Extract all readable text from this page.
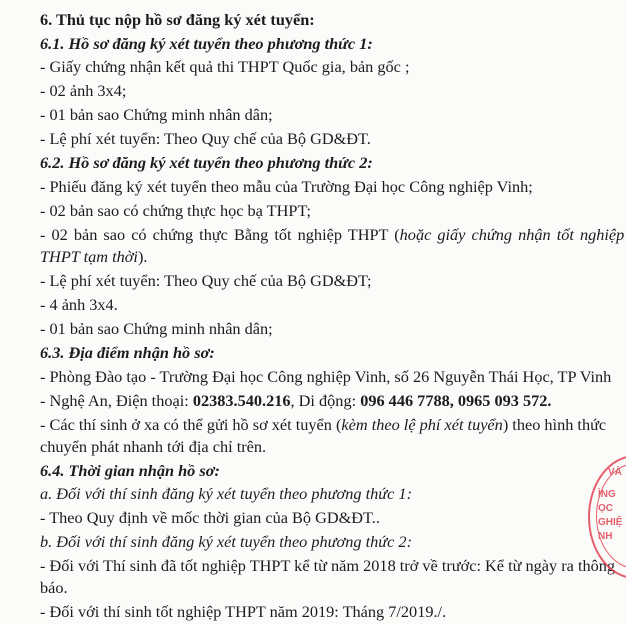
6. Thủ tục nộp hồ sơ đăng ký xét tuyển:
6.1. Hồ sơ đăng ký xét tuyển theo phương thức 1:
- Giấy chứng nhận kết quả thi THPT Quốc gia, bản gốc ;
- 02 ảnh 3x4;
- 01 bản sao Chứng minh nhân dân;
- Lệ phí xét tuyển: Theo Quy chế của Bộ GD&ĐT.
6.2. Hồ sơ đăng ký xét tuyển theo phương thức 2:
- Phiếu đăng ký xét tuyển theo mẫu của Trường Đại học Công nghiệp Vinh;
- 02 bản sao có chứng thực học bạ THPT;
- 02 bản sao có chứng thực Bằng tốt nghiệp THPT (hoặc giấy chứng nhận tốt nghiệp
THPT tạm thời).
- Lệ phí xét tuyển: Theo Quy chế của Bộ GD&ĐT;
- 4 ảnh 3x4.
- 01 bản sao Chứng minh nhân dân;
6.3. Địa điểm nhận hồ sơ:
- Phòng Đào tạo - Trường Đại học Công nghiệp Vinh, số 26 Nguyễn Thái Học, TP Vinh
- Nghệ An, Điện thoại: 02383.540.216, Di động: 096 446 7788, 0965 093 572.
- Các thí sinh ở xa có thể gửi hồ sơ xét tuyển (kèm theo lệ phí xét tuyển) theo hình thức
chuyển phát nhanh tới địa chỉ trên.
6.4. Thời gian nhận hồ sơ:
a. Đối với thí sinh đăng ký xét tuyển theo phương thức 1:
- Theo Quy định về mốc thời gian của Bộ GD&ĐT..
b. Đối với thí sinh đăng ký xét tuyển theo phương thức 2:
- Đối với Thí sinh đã tốt nghiệp THPT kể từ năm 2018 trở về trước: Kể từ ngày ra thông
báo.
- Đối với thí sinh tốt nghiệp THPT năm 2019: Tháng 7/2019./.
VÀ
ÌNG
ỌC
GHIỆ
NH
